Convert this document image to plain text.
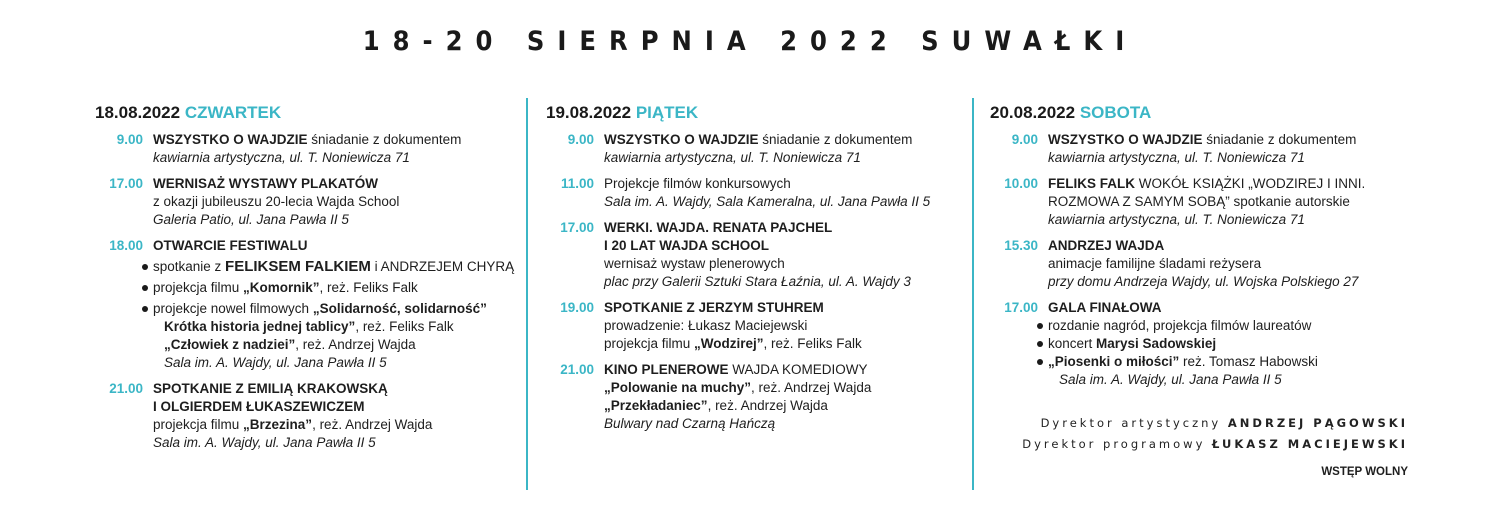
18-20 SIERPNIA 2022 SUWAŁKI
18.08.2022 CZWARTEK
9.00 WSZYSTKO O WAJDZIE śniadanie z dokumentem
kawiarnia artystyczna, ul. T. Noniewicza 71
17.00 WERNISAŻ WYSTAWY PLAKATÓW
z okazji jubileuszu 20-lecia Wajda School
Galeria Patio, ul. Jana Pawła II 5
18.00 OTWARCIE FESTIWALU
spotkanie z FELIKSEM FALKIEM i ANDRZEJEM CHYRĄ
projekcja filmu „Komornik”, reż. Feliks Falk
projekcje nowel filmowych „Solidarność, solidarność”
Krótka historia jednej tablicy”, reż. Feliks Falk
„Człowiek z nadziei”, reż. Andrzej Wajda
Sala im. A. Wajdy, ul. Jana Pawła II 5
21.00 SPOTKANIE Z EMILIĄ KRAKOWSKĄ
I OLGIERDEM ŁUKASZEWICZEM
projekcja filmu „Brzezina”, reż. Andrzej Wajda
Sala im. A. Wajdy, ul. Jana Pawła II 5
19.08.2022 PIĄTEK
9.00 WSZYSTKO O WAJDZIE śniadanie z dokumentem
kawiarnia artystyczna, ul. T. Noniewicza 71
11.00 Projekcje filmów konkursowych
Sala im. A. Wajdy, Sala Kameralna, ul. Jana Pawła II 5
17.00 WERKI. WAJDA. RENATA PAJCHEL
I 20 LAT WAJDA SCHOOL
wernisaż wystaw plenerowych
plac przy Galerii Sztuki Stara Łaźnia, ul. A. Wajdy 3
19.00 SPOTKANIE Z JERZYM STUHREM
prowadzenie: Łukasz Maciejewski
projekcja filmu „Wodzirej”, reż. Feliks Falk
21.00 KINO PLENEROWE WAJDA KOMEDIOWY
„Polowanie na muchy”, reż. Andrzej Wajda
„Przekładaniec”, reż. Andrzej Wajda
Bulwary nad Czarną Hańczą
20.08.2022 SOBOTA
9.00 WSZYSTKO O WAJDZIE śniadanie z dokumentem
kawiarnia artystyczna, ul. T. Noniewicza 71
10.00 FELIKS FALK WOKÓŁ KSIĄŻKI „WODZIREJ I INNI.
ROZMOWA Z SAMYM SOBĄ” spotkanie autorskie
kawiarnia artystyczna, ul. T. Noniewicza 71
15.30 ANDRZEJ WAJDA
animacje familijne śladami reżysera
przy domu Andrzeja Wajdy, ul. Wojska Polskiego 27
17.00 GALA FINAŁOWA
rozdanie nagród, projekcja filmów laureatów
koncert Marysi Sadowskiej
„Piosenki o miłości” reż. Tomasz Habowski
Sala im. A. Wajdy, ul. Jana Pawła II 5
Dyrektor artystyczny ANDRZEJ PĄGOWSKI
Dyrektor programowy ŁUKASZ MACIEJEWSKI
WSTĘP WOLNY
